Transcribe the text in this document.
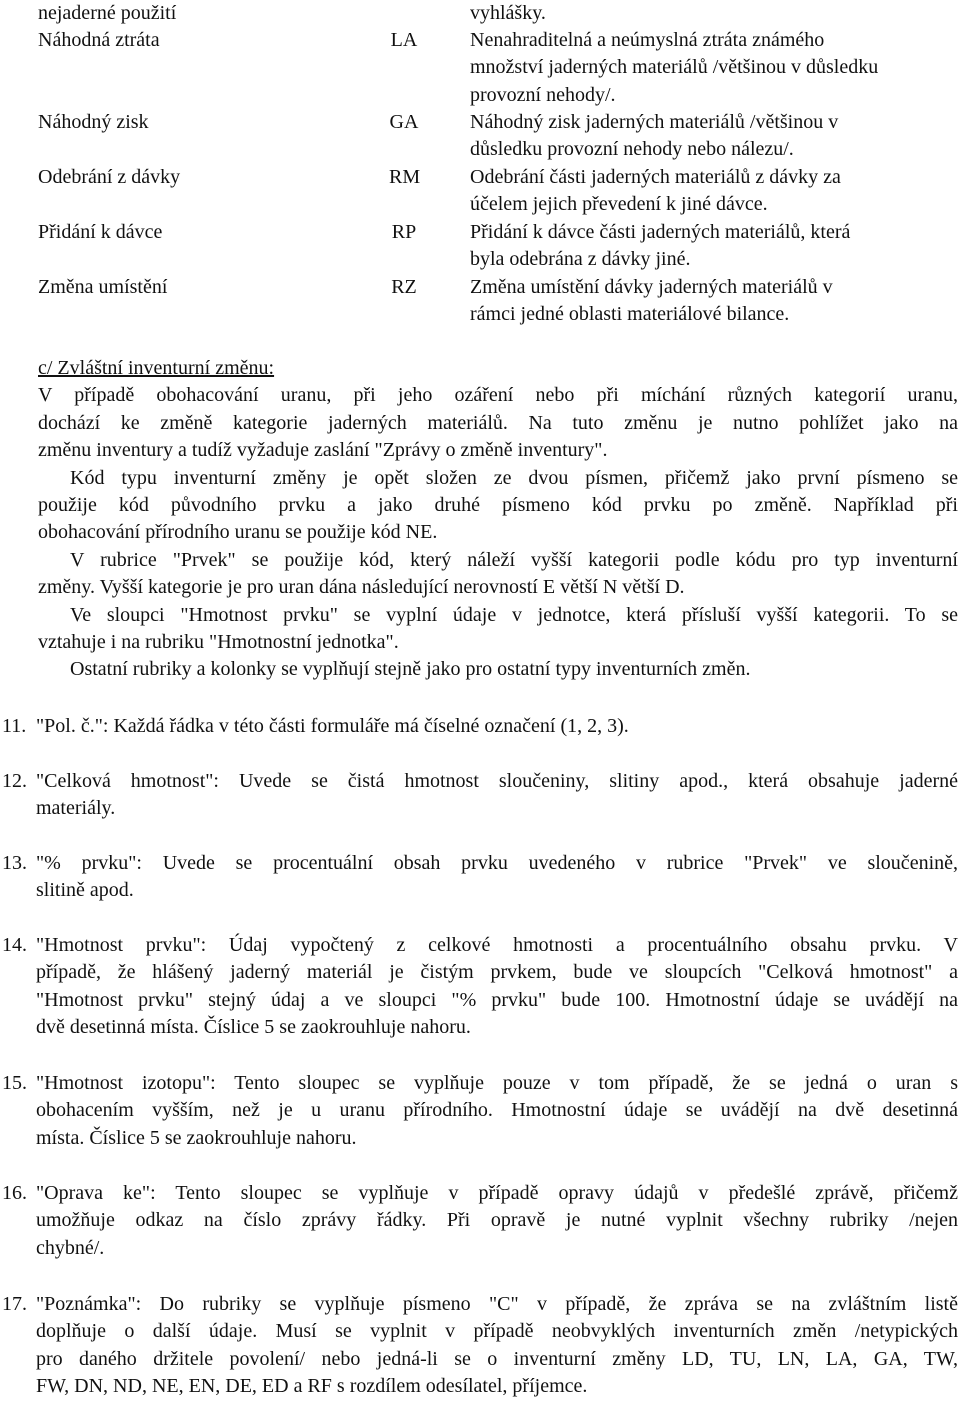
nejaderné použití	vyhlášky.
Náhodná ztráta	LA	Nenahraditelná a neúmyslná ztráta známého
množství jaderných materiálů /většinou v důsledku
provozní nehody/.
Náhodný zisk	GA	Náhodný zisk jaderných materiálů /většinou v
důsledku provozní nehody nebo nálezu/.
Odebrání z dávky	RM Odebrání části jaderných materiálů z dávky za
účelem jejich převedení k jiné dávce.
Přidání k dávce	RP	Přidání k dávce části jaderných materiálů, která
byla odebrána z dávky jiné.
Změna umístění	RZ	Změna umístění dávky jaderných materiálů v
rámci jedné oblasti materiálové bilance.
c/ Zvláštní inventurní změnu:
V případě obohacování uranu, při jeho ozáření nebo při míchání různých kategorií uranu,
dochází ke změně kategorie jaderných materiálů. Na tuto změnu je nutno pohlížet jako na
změnu inventury a tudíž vyžaduje zaslání "Zprávy o změně inventury".
Kód typu inventurní změny je opět složen ze dvou písmen, přičemž jako první písmeno se
použije kód původního prvku a jako druhé písmeno kód prvku po změně. Například při
obohacování přírodního uranu se použije kód NE.
V rubrice "Prvek" se použije kód, který náleží vyšší kategorii podle kódu pro typ inventurní
změny. Vyšší kategorie je pro uran dána následující nerovností E větší N větší D.
Ve sloupci "Hmotnost prvku" se vyplní údaje v jednotce, která přísluší vyšší kategorii. To se
vztahuje i na rubriku "Hmotnostní jednotka".
Ostatní rubriky a kolonky se vyplňují stejně jako pro ostatní typy inventurních změn.
11. "Pol. č.": Každá řádka v této části formuláře má číselné označení (1, 2, 3).
12. "Celková hmotnost": Uvede se čistá hmotnost sloučeniny, slitiny apod., která obsahuje jaderné
materiály.
13. "% prvku": Uvede se procentuální obsah prvku uvedeného v rubrice "Prvek" ve sloučenině,
slitině apod.
14. "Hmotnost prvku": Údaj vypočtený z celkové hmotnosti a procentuálního obsahu prvku. V
případě, že hlášený jaderný materiál je čistým prvkem, bude ve sloupcích "Celková hmotnost" a
"Hmotnost prvku" stejný údaj a ve sloupci "% prvku" bude 100. Hmotnostní údaje se uvádějí na
dvě desetinná místa. Číslice 5 se zaokrouhluje nahoru.
15. "Hmotnost izotopu": Tento sloupec se vyplňuje pouze v tom případě, že se jedná o uran s
obohacením vyšším, než je u uranu přírodního. Hmotnostní údaje se uvádějí na dvě desetinná
místa. Číslice 5 se zaokrouhluje nahoru.
16. "Oprava ke": Tento sloupec se vyplňuje v případě opravy údajů v předešlé zprávě, přičemž
umožňuje odkaz na číslo zprávy řádky. Při opravě je nutné vyplnit všechny rubriky /nejen
chybné/.
17. "Poznámka": Do rubriky se vyplňuje písmeno "C" v případě, že zpráva se na zvláštním listě
doplňuje o další údaje. Musí se vyplnit v případě neobvyklých inventurních změn /netypických
pro daného držitele povolení/ nebo jedná-li se o inventurní změny LD, TU, LN, LA, GA, TW,
FW, DN, ND, NE, EN, DE, ED a RF s rozdílem odesílatel, příjemce.
